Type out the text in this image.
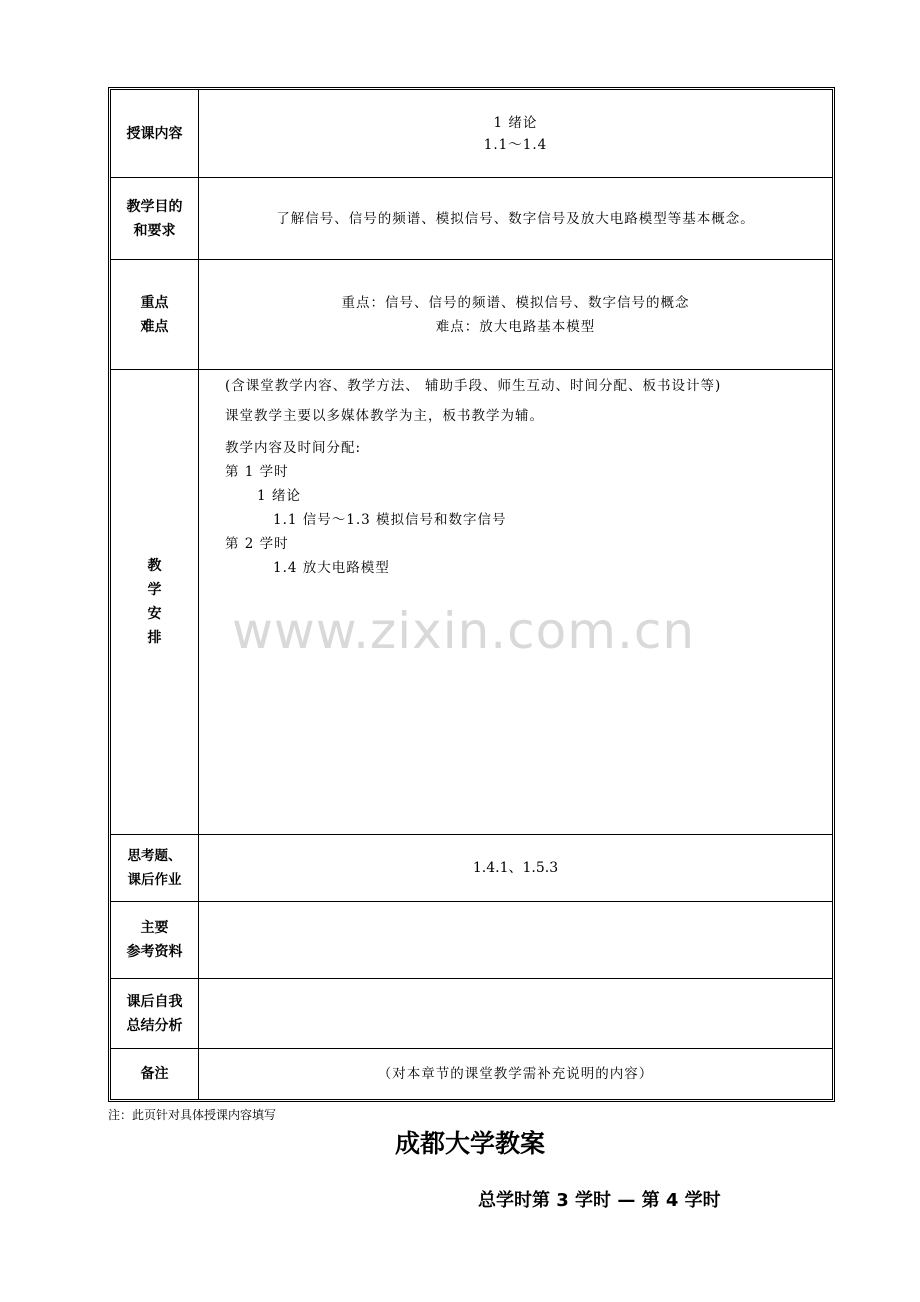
授课内容
1 绪论
1.1～1.4
教学目的
和要求
了解信号、信号的频谱、模拟信号、数字信号及放大电路模型等基本概念。
重点
难点
重点：信号、信号的频谱、模拟信号、数字信号的概念
难点：放大电路基本模型
教
学
安
排
(含课堂教学内容、教学方法、 辅助手段、师生互动、时间分配、板书设计等)
课堂教学主要以多媒体教学为主，板书教学为辅。
教学内容及时间分配:
第 1 学时
1 绪论
1.1 信号～1.3 模拟信号和数字信号
第 2 学时
1.4 放大电路模型
思考题、
课后作业
1.4.1、1.5.3
主要
参考资料
课后自我
总结分析
备注	（对本章节的课堂教学需补充说明的内容）
www.zixin.com.cn
注：此页针对具体授课内容填写
成都大学教案
总学时第 3 学时 — 第 4 学时
